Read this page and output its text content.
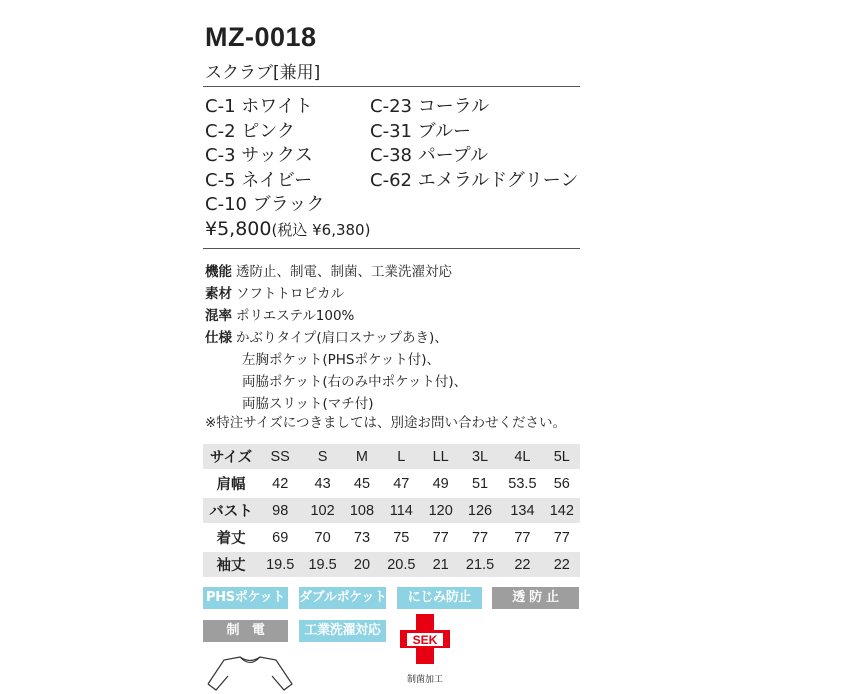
MZ-0018
スクラブ[兼用]
C-1 ホワイト
C-2 ピンク
C-3 サックス
C-5 ネイビー
C-10 ブラック
C-23 コーラル
C-31 ブルー
C-38 パープル
C-62 エメラルドグリーン
¥5,800(税込 ¥6,380)
機能 透防止、制電、制菌、工業洗濯対応
素材 ソフトトロピカル
混率 ポリエステル100%
仕様 かぶりタイプ(肩口スナップあき)、
左胸ポケット(PHSポケット付)、
両脇ポケット(右のみ中ポケット付)、
両脇スリット(マチ付)
※特注サイズにつきましては、別途お問い合わせください。
サイズ	SS	S	M	L	LL	3L	4L	5L
肩幅	42	43	45	47	49	51	53.5	56
バスト	98	102	108	114	120	126	134	142
着丈	69	70	73	75	77	77	77	77
袖丈	19.5	19.5	20	20.5	21	21.5	22	22
PHSポケット ダブルポケット	にじみ防止	透 防 止
制　電	工業洗濯対応
SEK
制菌加工
